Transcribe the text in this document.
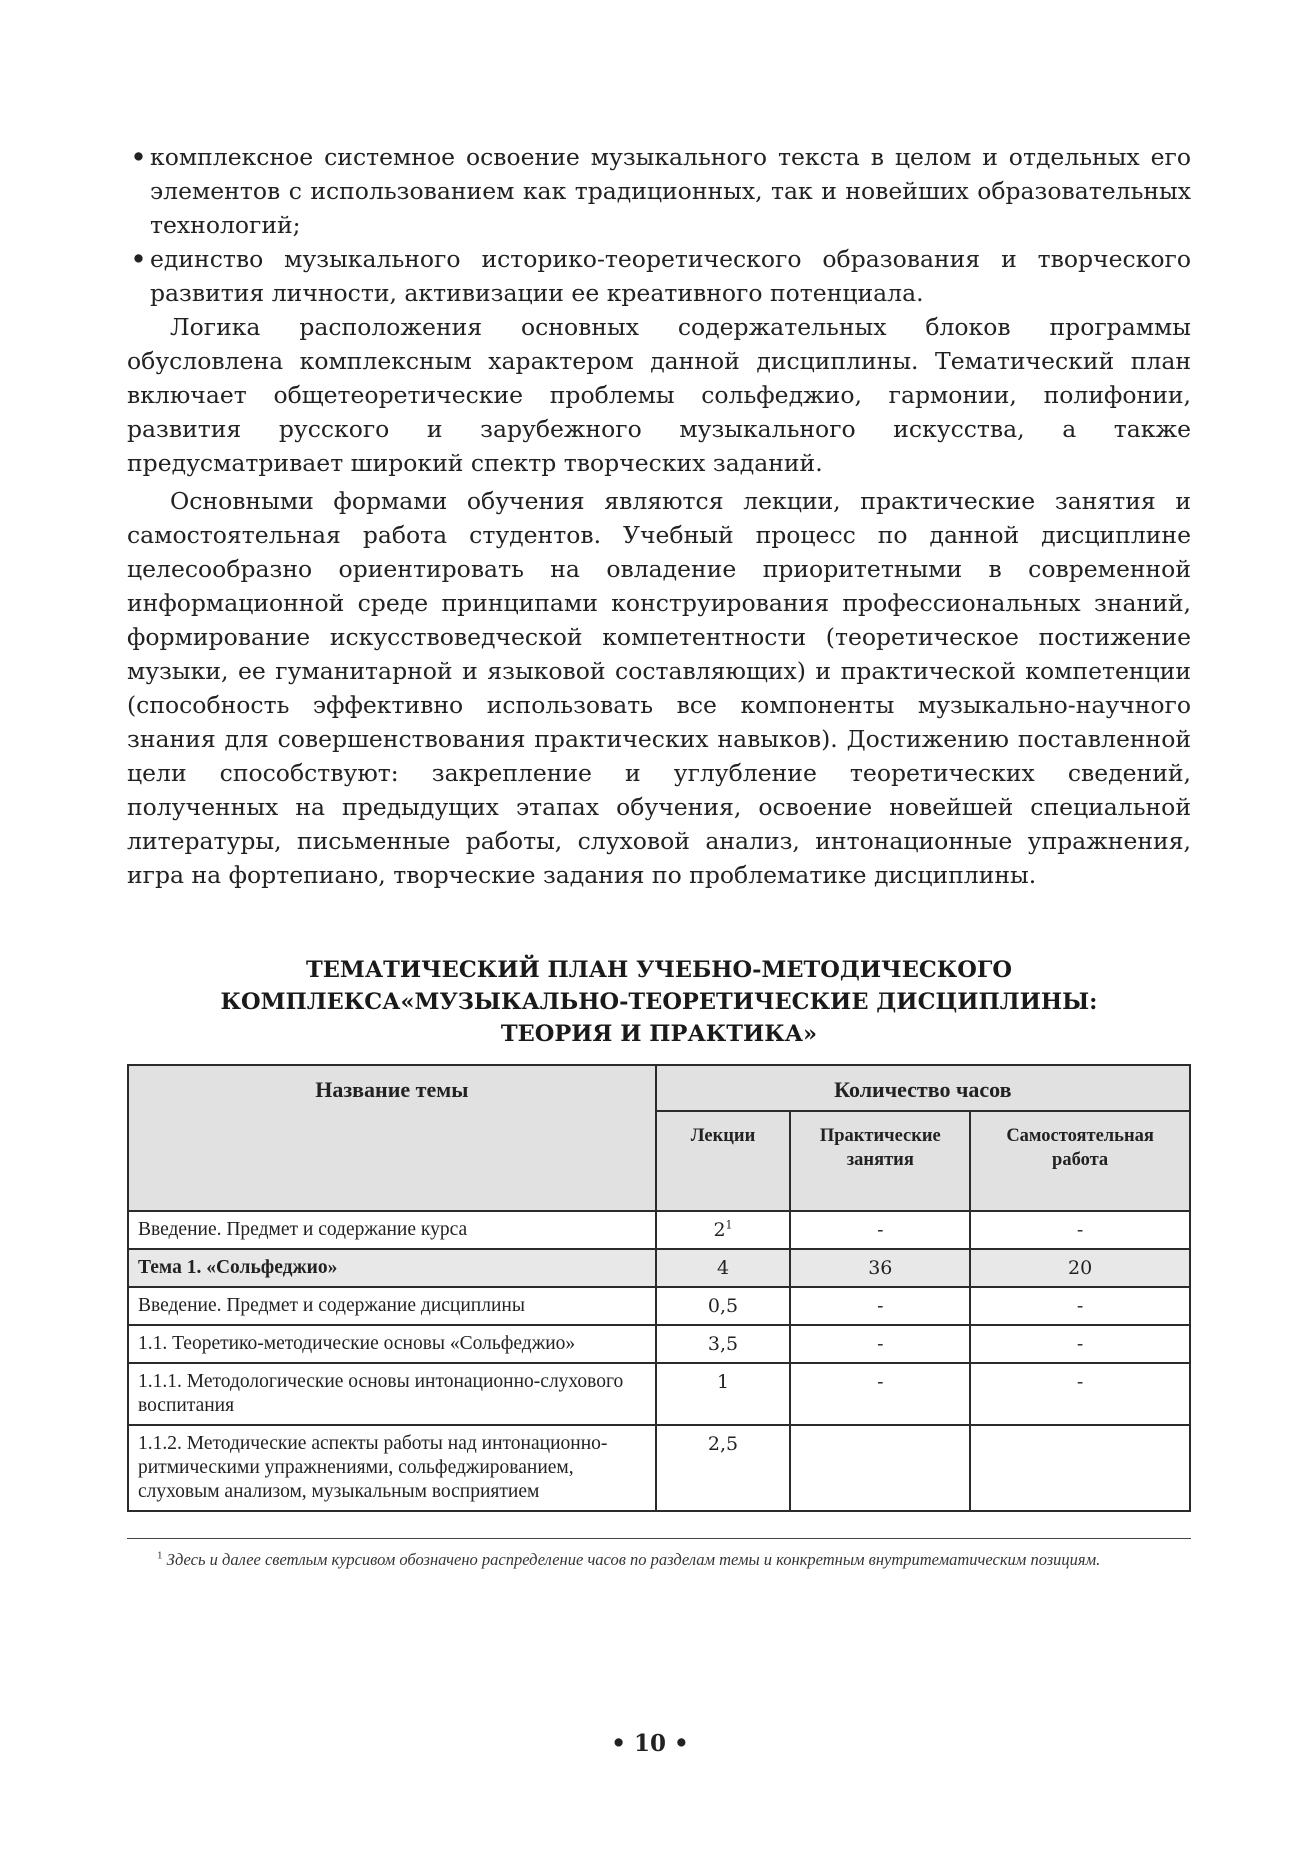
• комплексное системное освоение музыкального текста в целом и отдельных его элементов с использованием как традиционных, так и новейших образовательных технологий;
• единство музыкального историко-теоретического образования и творческого развития личности, активизации ее креативного потенциала.

Логика расположения основных содержательных блоков программы обусловлена комплексным характером данной дисциплины. Тематический план включает общетеоретические проблемы сольфеджио, гармонии, полифонии, развития русского и зарубежного музыкального искусства, а также предусматривает широкий спектр творческих заданий.

Основными формами обучения являются лекции, практические занятия и самостоятельная работа студентов. Учебный процесс по данной дисциплине целесообразно ориентировать на овладение приоритетными в современной информационной среде принципами конструирования профессиональных знаний, формирование искусствоведческой компетентности (теоретическое постижение музыки, ее гуманитарной и языковой составляющих) и практической компетенции (способность эффективно использовать все компоненты музыкально-научного знания для совершенствования практических навыков). Достижению поставленной цели способствуют: закрепление и углубление теоретических сведений, полученных на предыдущих этапах обучения, освоение новейшей специальной литературы, письменные работы, слуховой анализ, интонационные упражнения, игра на фортепиано, творческие задания по проблематике дисциплины.

ТЕМАТИЧЕСКИЙ ПЛАН УЧЕБНО-МЕТОДИЧЕСКОГО
КОМПЛЕКСА«МУЗЫКАЛЬНО-ТЕОРЕТИЧЕСКИЕ ДИСЦИПЛИНЫ:
ТЕОРИЯ И ПРАКТИКА»
Название темы	Количество часов		
	Лекции	Практические занятия	Самостоятельная работа
Введение. Предмет и содержание курса	$2^1$	-	-
Тема 1. «Сольфеджио»	4	36	20
Введение. Предмет и содержание дисциплины	0,5	-	-
1.1. Теоретико-методические основы «Сольфеджио»	3,5	-	-
1.1.1. Методологические основы интонационно-слухового воспитания	1	-	-
1.1.2. Методические аспекты работы над интонационно-ритмическими упражнениями, сольфеджированием, слуховым анализом, музыкальным восприятием	2,5		
$^1$ Здесь и далее светлым курсивом обозначено распределение часов по разделам темы и конкретным внутритематическим позициям.
• 10 •
